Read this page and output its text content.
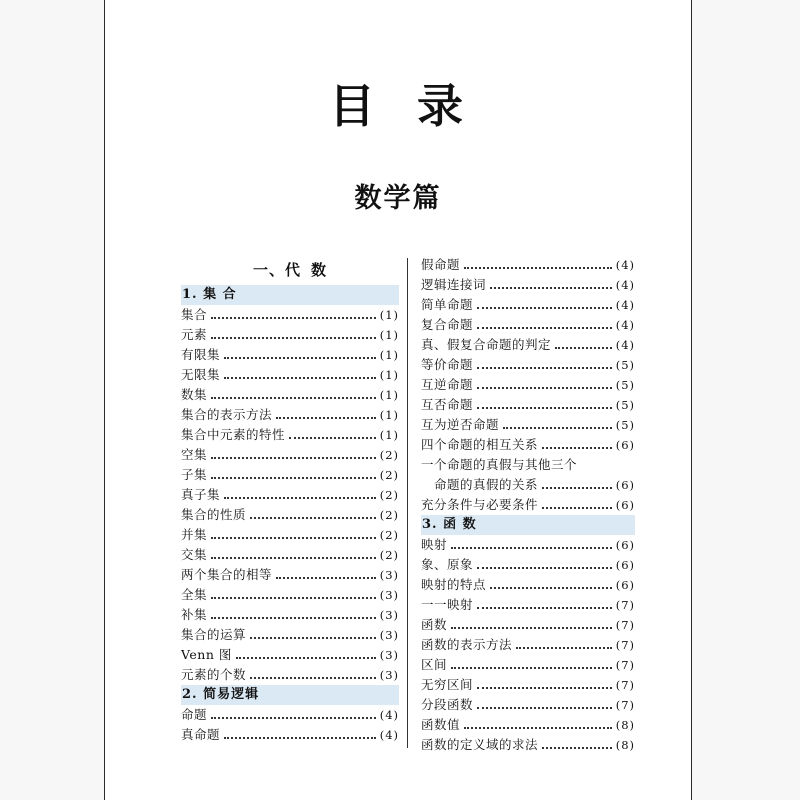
目 录
数学篇
一、代 数
1. 集 合
集合	(1)
元素	(1)
有限集	(1)
无限集	(1)
数集	(1)
集合的表示方法	(1)
集合中元素的特性	(1)
空集	(2)
子集	(2)
真子集	(2)
集合的性质	(2)
并集	(2)
交集	(2)
两个集合的相等	(3)
全集	(3)
补集	(3)
集合的运算	(3)
Venn 图	(3)
元素的个数	(3)
2. 简易逻辑
命题	(4)
真命题	(4)
假命题	(4)
逻辑连接词	(4)
简单命题	(4)
复合命题	(4)
真、假复合命题的判定	(4)
等价命题	(5)
互逆命题	(5)
互否命题	(5)
互为逆否命题	(5)
四个命题的相互关系	(6)
一个命题的真假与其他三个
命题的真假的关系	(6)
充分条件与必要条件	(6)
3. 函 数
映射	(6)
象、原象	(6)
映射的特点	(6)
一一映射	(7)
函数	(7)
函数的表示方法	(7)
区间	(7)
无穷区间	(7)
分段函数	(7)
函数值	(8)
函数的定义域的求法	(8)
